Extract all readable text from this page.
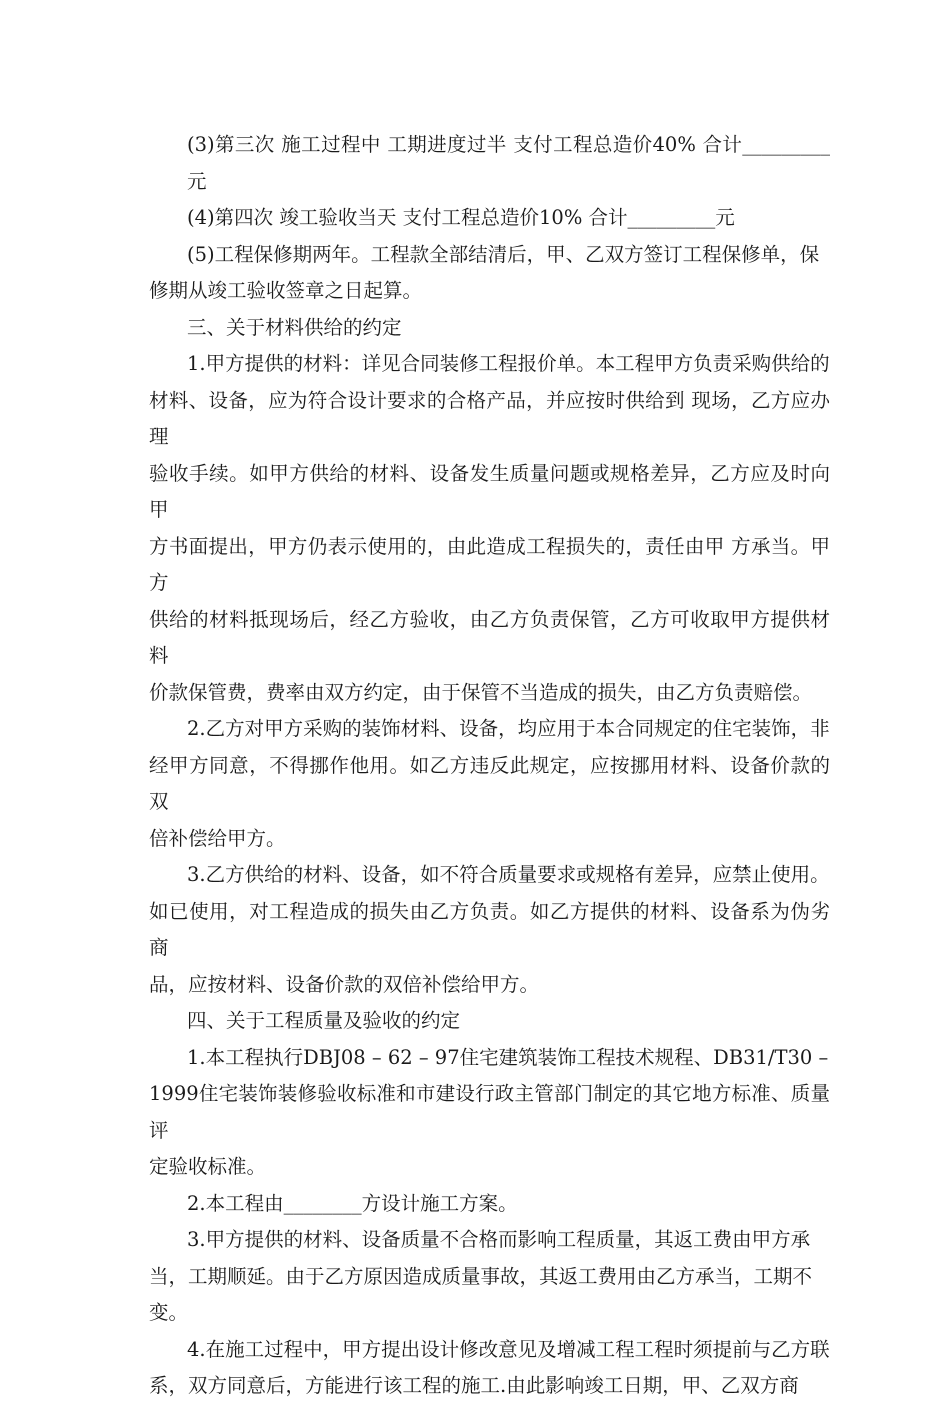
(3)第三次 施工过程中 工期进度过半 支付工程总造价40% 合计_________元
(4)第四次 竣工验收当天 支付工程总造价10% 合计_________元
(5)工程保修期两年。工程款全部结清后，甲、乙双方签订工程保修单，保
修期从竣工验收签章之日起算。
三、关于材料供给的约定
1.甲方提供的材料：详见合同装修工程报价单。本工程甲方负责采购供给的
材料、设备，应为符合设计要求的合格产品，并应按时供给到 现场，乙方应办理
验收手续。如甲方供给的材料、设备发生质量问题或规格差异，乙方应及时向甲
方书面提出，甲方仍表示使用的，由此造成工程损失的，责任由甲 方承当。甲方
供给的材料抵现场后，经乙方验收，由乙方负责保管，乙方可收取甲方提供材料
价款保管费，费率由双方约定，由于保管不当造成的损失，由乙方负责赔偿。
2.乙方对甲方采购的装饰材料、设备，均应用于本合同规定的住宅装饰，非
经甲方同意，不得挪作他用。如乙方违反此规定，应按挪用材料、设备价款的双
倍补偿给甲方。
3.乙方供给的材料、设备，如不符合质量要求或规格有差异，应禁止使用。
如已使用，对工程造成的损失由乙方负责。如乙方提供的材料、设备系为伪劣商
品，应按材料、设备价款的双倍补偿给甲方。
四、关于工程质量及验收的约定
1.本工程执行DBJ08 – 62 – 97住宅建筑装饰工程技术规程、DB31/T30 –
1999住宅装饰装修验收标准和市建设行政主管部门制定的其它地方标准、质量评
定验收标准。
2.本工程由________方设计施工方案。
3.甲方提供的材料、设备质量不合格而影响工程质量，其返工费由甲方承
当，工期顺延。由于乙方原因造成质量事故，其返工费用由乙方承当，工期不
变。
4.在施工过程中，甲方提出设计修改意见及增减工程工程时须提前与乙方联
系，双方同意后，方能进行该工程的施工.由此影响竣工日期，甲、乙双方商
